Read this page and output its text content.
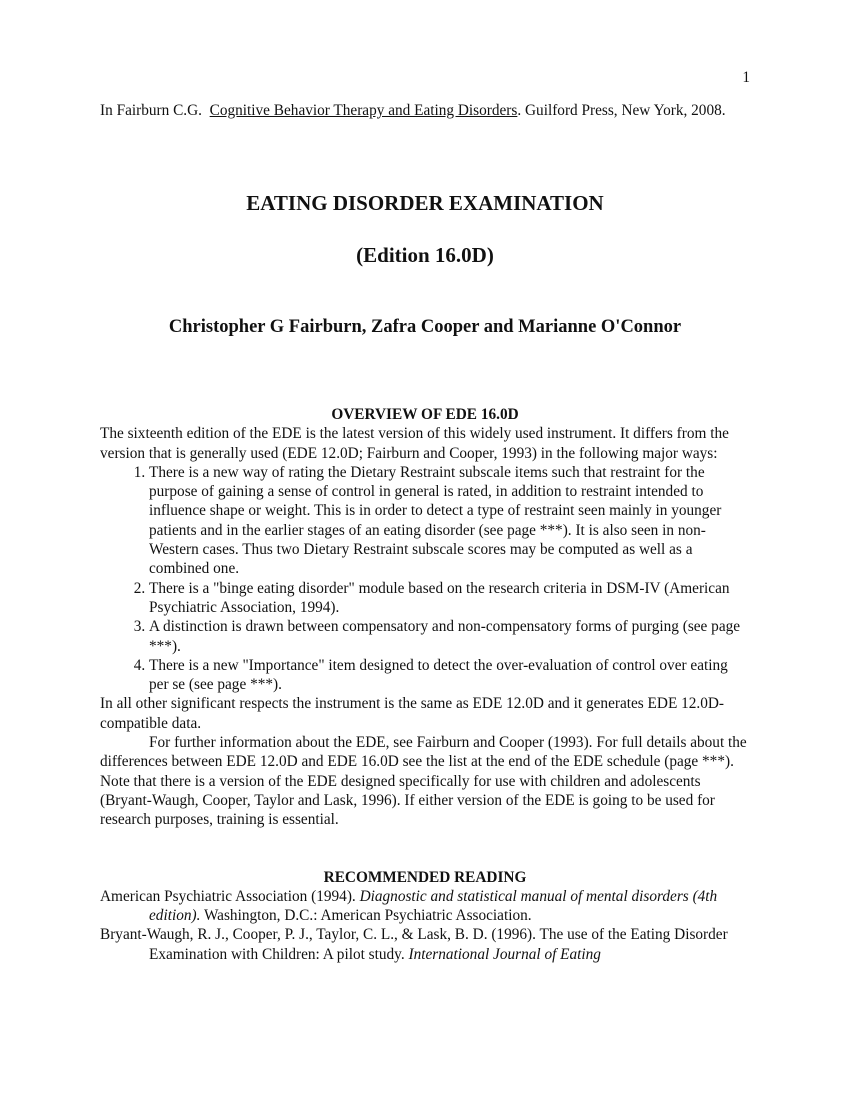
1
In Fairburn C.G. Cognitive Behavior Therapy and Eating Disorders. Guilford Press, New York, 2008.
EATING DISORDER EXAMINATION
(Edition 16.0D)
Christopher G Fairburn, Zafra Cooper and Marianne O'Connor

OVERVIEW OF EDE 16.0D

The sixteenth edition of the EDE is the latest version of this widely used instrument. It differs from the version that is generally used (EDE 12.0D; Fairburn and Cooper, 1993) in the following major ways:

1. There is a new way of rating the Dietary Restraint subscale items such that restraint for the purpose of gaining a sense of control in general is rated, in addition to restraint intended to influence shape or weight. This is in order to detect a type of restraint seen mainly in younger patients and in the earlier stages of an eating disorder (see page ***). It is also seen in non-Western cases. Thus two Dietary Restraint subscale scores may be computed as well as a combined one.
2. There is a "binge eating disorder" module based on the research criteria in DSM-IV (American Psychiatric Association, 1994).
3. A distinction is drawn between compensatory and non-compensatory forms of purging (see page ***).
4. There is a new "Importance" item designed to detect the over-evaluation of control over eating per se (see page ***).

In all other significant respects the instrument is the same as EDE 12.0D and it generates EDE 12.0D-compatible data.

For further information about the EDE, see Fairburn and Cooper (1993). For full details about the differences between EDE 12.0D and EDE 16.0D see the list at the end of the EDE schedule (page ***). Note that there is a version of the EDE designed specifically for use with children and adolescents (Bryant-Waugh, Cooper, Taylor and Lask, 1996). If either version of the EDE is going to be used for research purposes, training is essential.

RECOMMENDED READING

American Psychiatric Association (1994). Diagnostic and statistical manual of mental disorders (4th edition). Washington, D.C.: American Psychiatric Association.

Bryant-Waugh, R. J., Cooper, P. J., Taylor, C. L., & Lask, B. D. (1996). The use of the Eating Disorder Examination with Children: A pilot study. International Journal of Eating
